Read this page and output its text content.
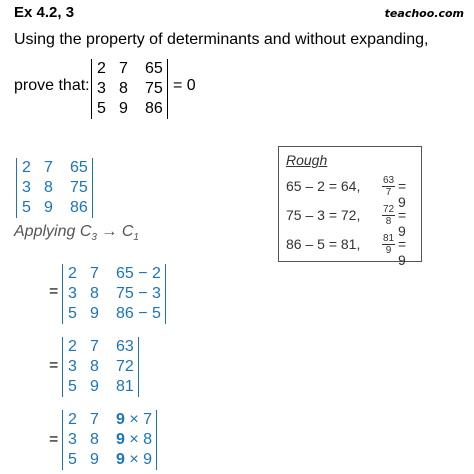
Ex 4.2, 3	teachoo.com
Using the property of determinants and without expanding,
prove that:
2	7	65
3	8	75
5	9	86
= 0
2	7	65
3	8	75
5	9	86
Applying $C_3 \to C_1$
=
2	7	65 − 2
3	8	75 − 3
5	9	86 − 5
=
2	7	63
3	8	72
5	9	81
=
2	7	9 × 7
3	8	9 × 8
5	9	9 × 9
Rough
65 – 2 = 64, $\frac{63}{7} = 9$
75 – 3 = 72, $\frac{72}{8} = 9$
86 – 5 = 81, $\frac{81}{9} = 9$
